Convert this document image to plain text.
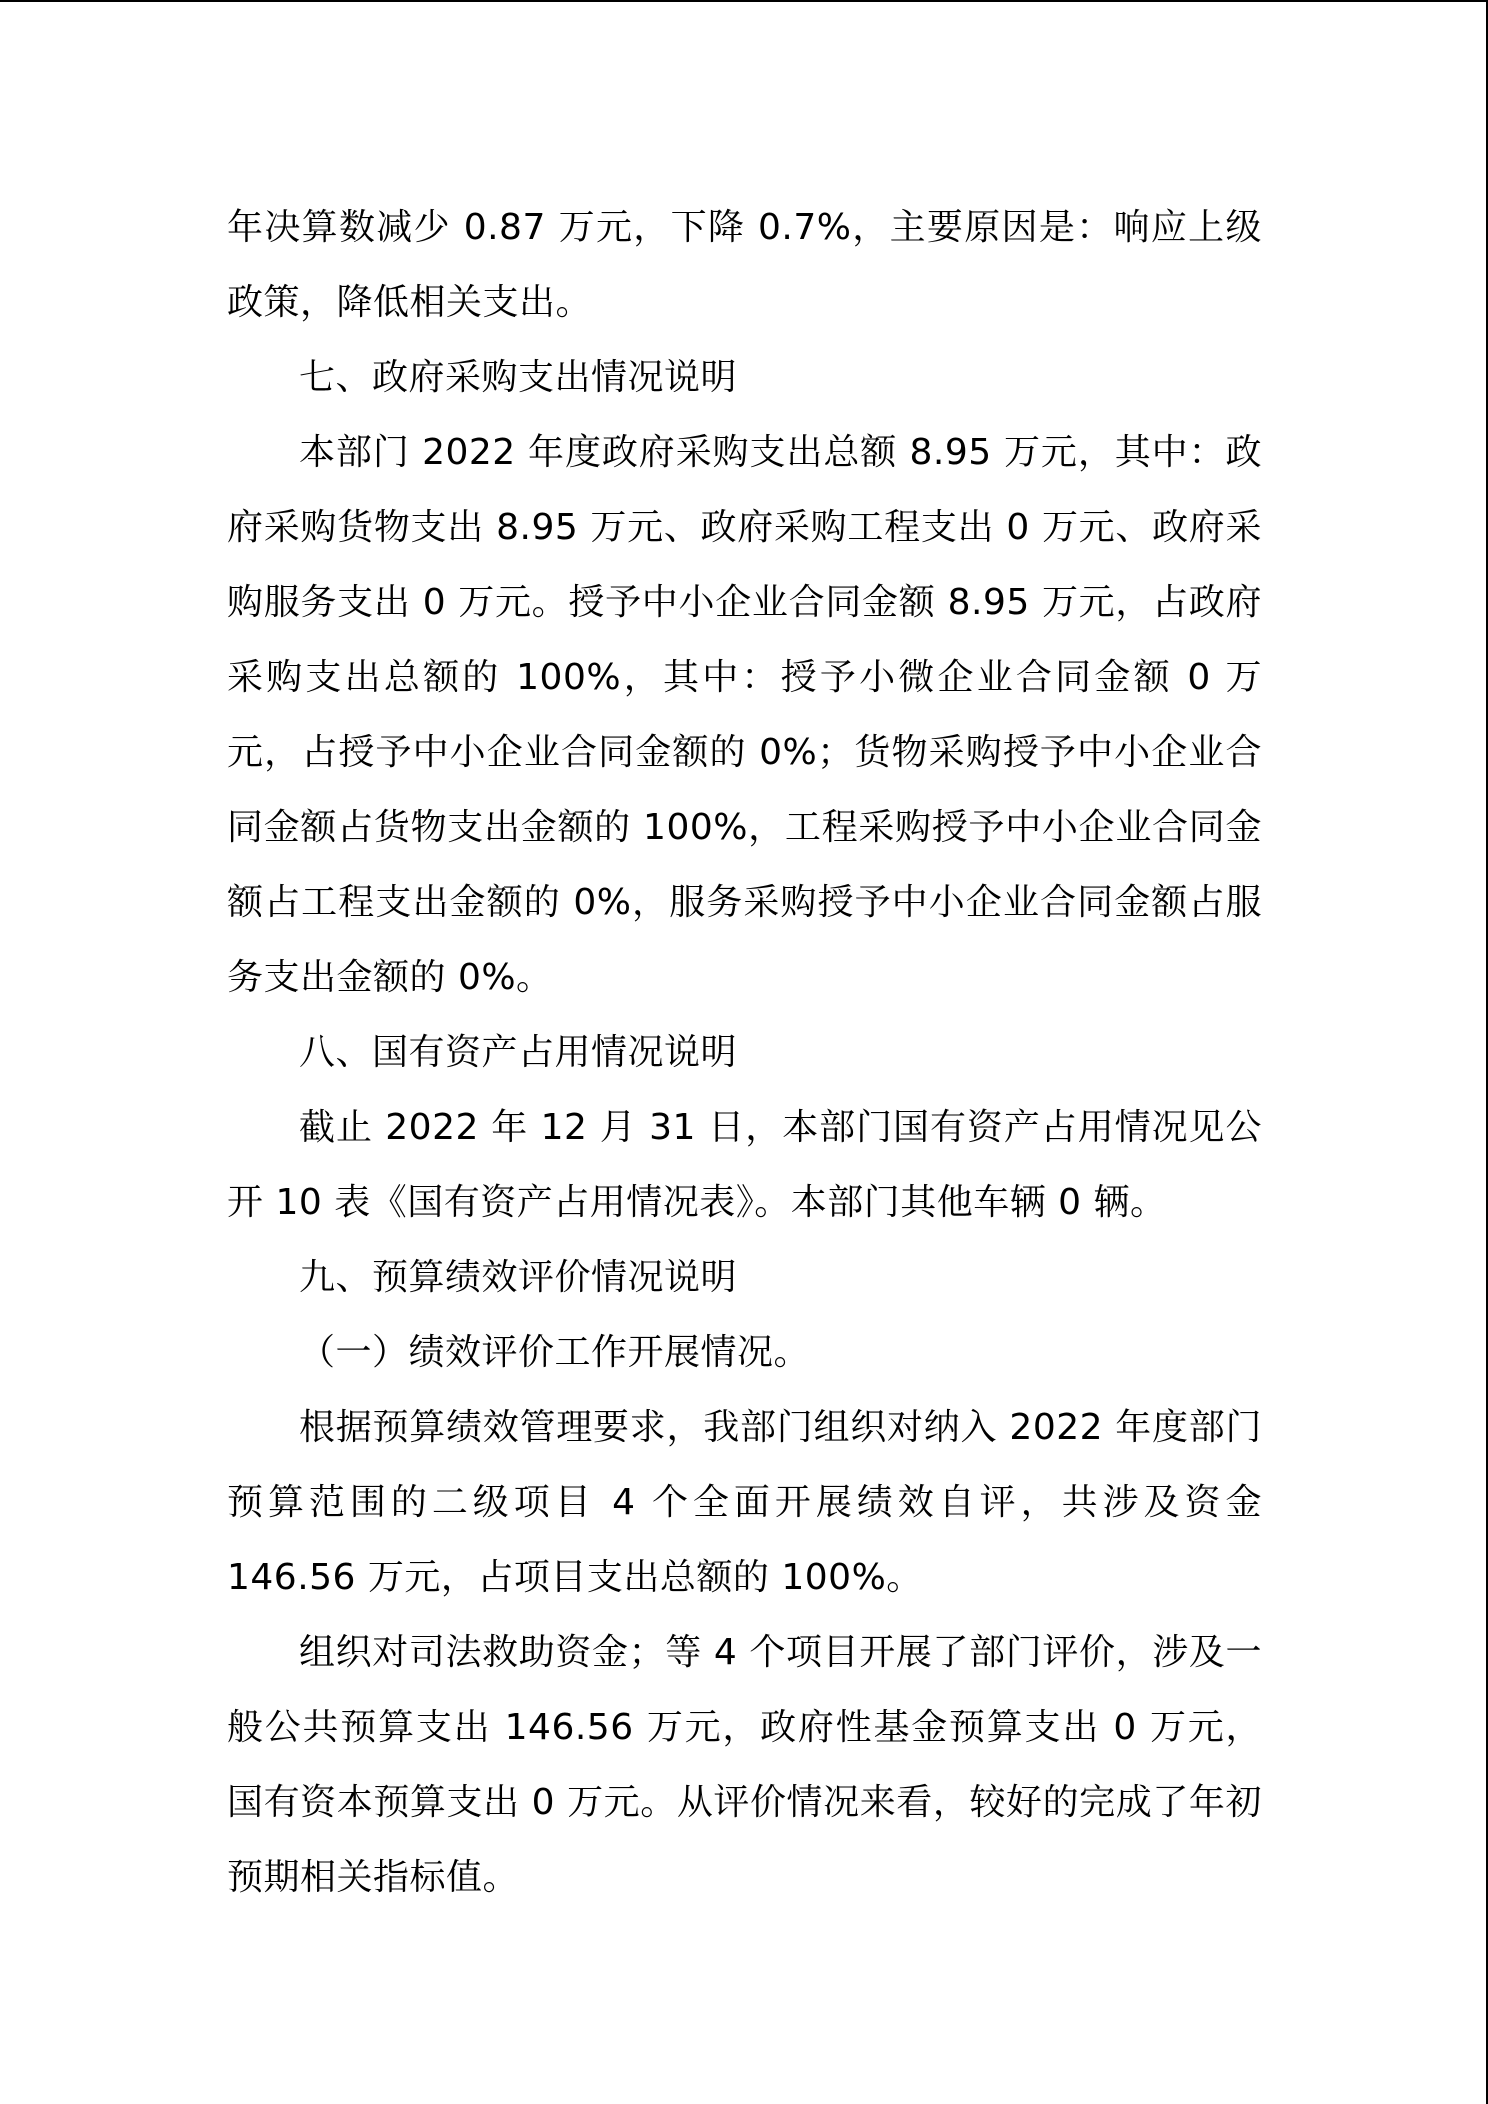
年决算数减少 0.87 万元，下降 0.7%，主要原因是：响应上级政策，降低相关支出。

七、政府采购支出情况说明

本部门 2022 年度政府采购支出总额 8.95 万元，其中：政府采购货物支出 8.95 万元、政府采购工程支出 0 万元、政府采购服务支出 0 万元。授予中小企业合同金额 8.95 万元，占政府采购支出总额的 100%，其中：授予小微企业合同金额 0 万元，占授予中小企业合同金额的 0%；货物采购授予中小企业合同金额占货物支出金额的 100%，工程采购授予中小企业合同金额占工程支出金额的 0%，服务采购授予中小企业合同金额占服务支出金额的 0%。

八、国有资产占用情况说明

截止 2022 年 12 月 31 日，本部门国有资产占用情况见公开 10 表《国有资产占用情况表》。本部门其他车辆 0 辆。

九、预算绩效评价情况说明

（一）绩效评价工作开展情况。

根据预算绩效管理要求，我部门组织对纳入 2022 年度部门预算范围的二级项目 4 个全面开展绩效自评，共涉及资金 146.56 万元，占项目支出总额的 100%。

组织对司法救助资金；等 4 个项目开展了部门评价，涉及一般公共预算支出 146.56 万元，政府性基金预算支出 0 万元，国有资本预算支出 0 万元。从评价情况来看，较好的完成了年初预期相关指标值。
